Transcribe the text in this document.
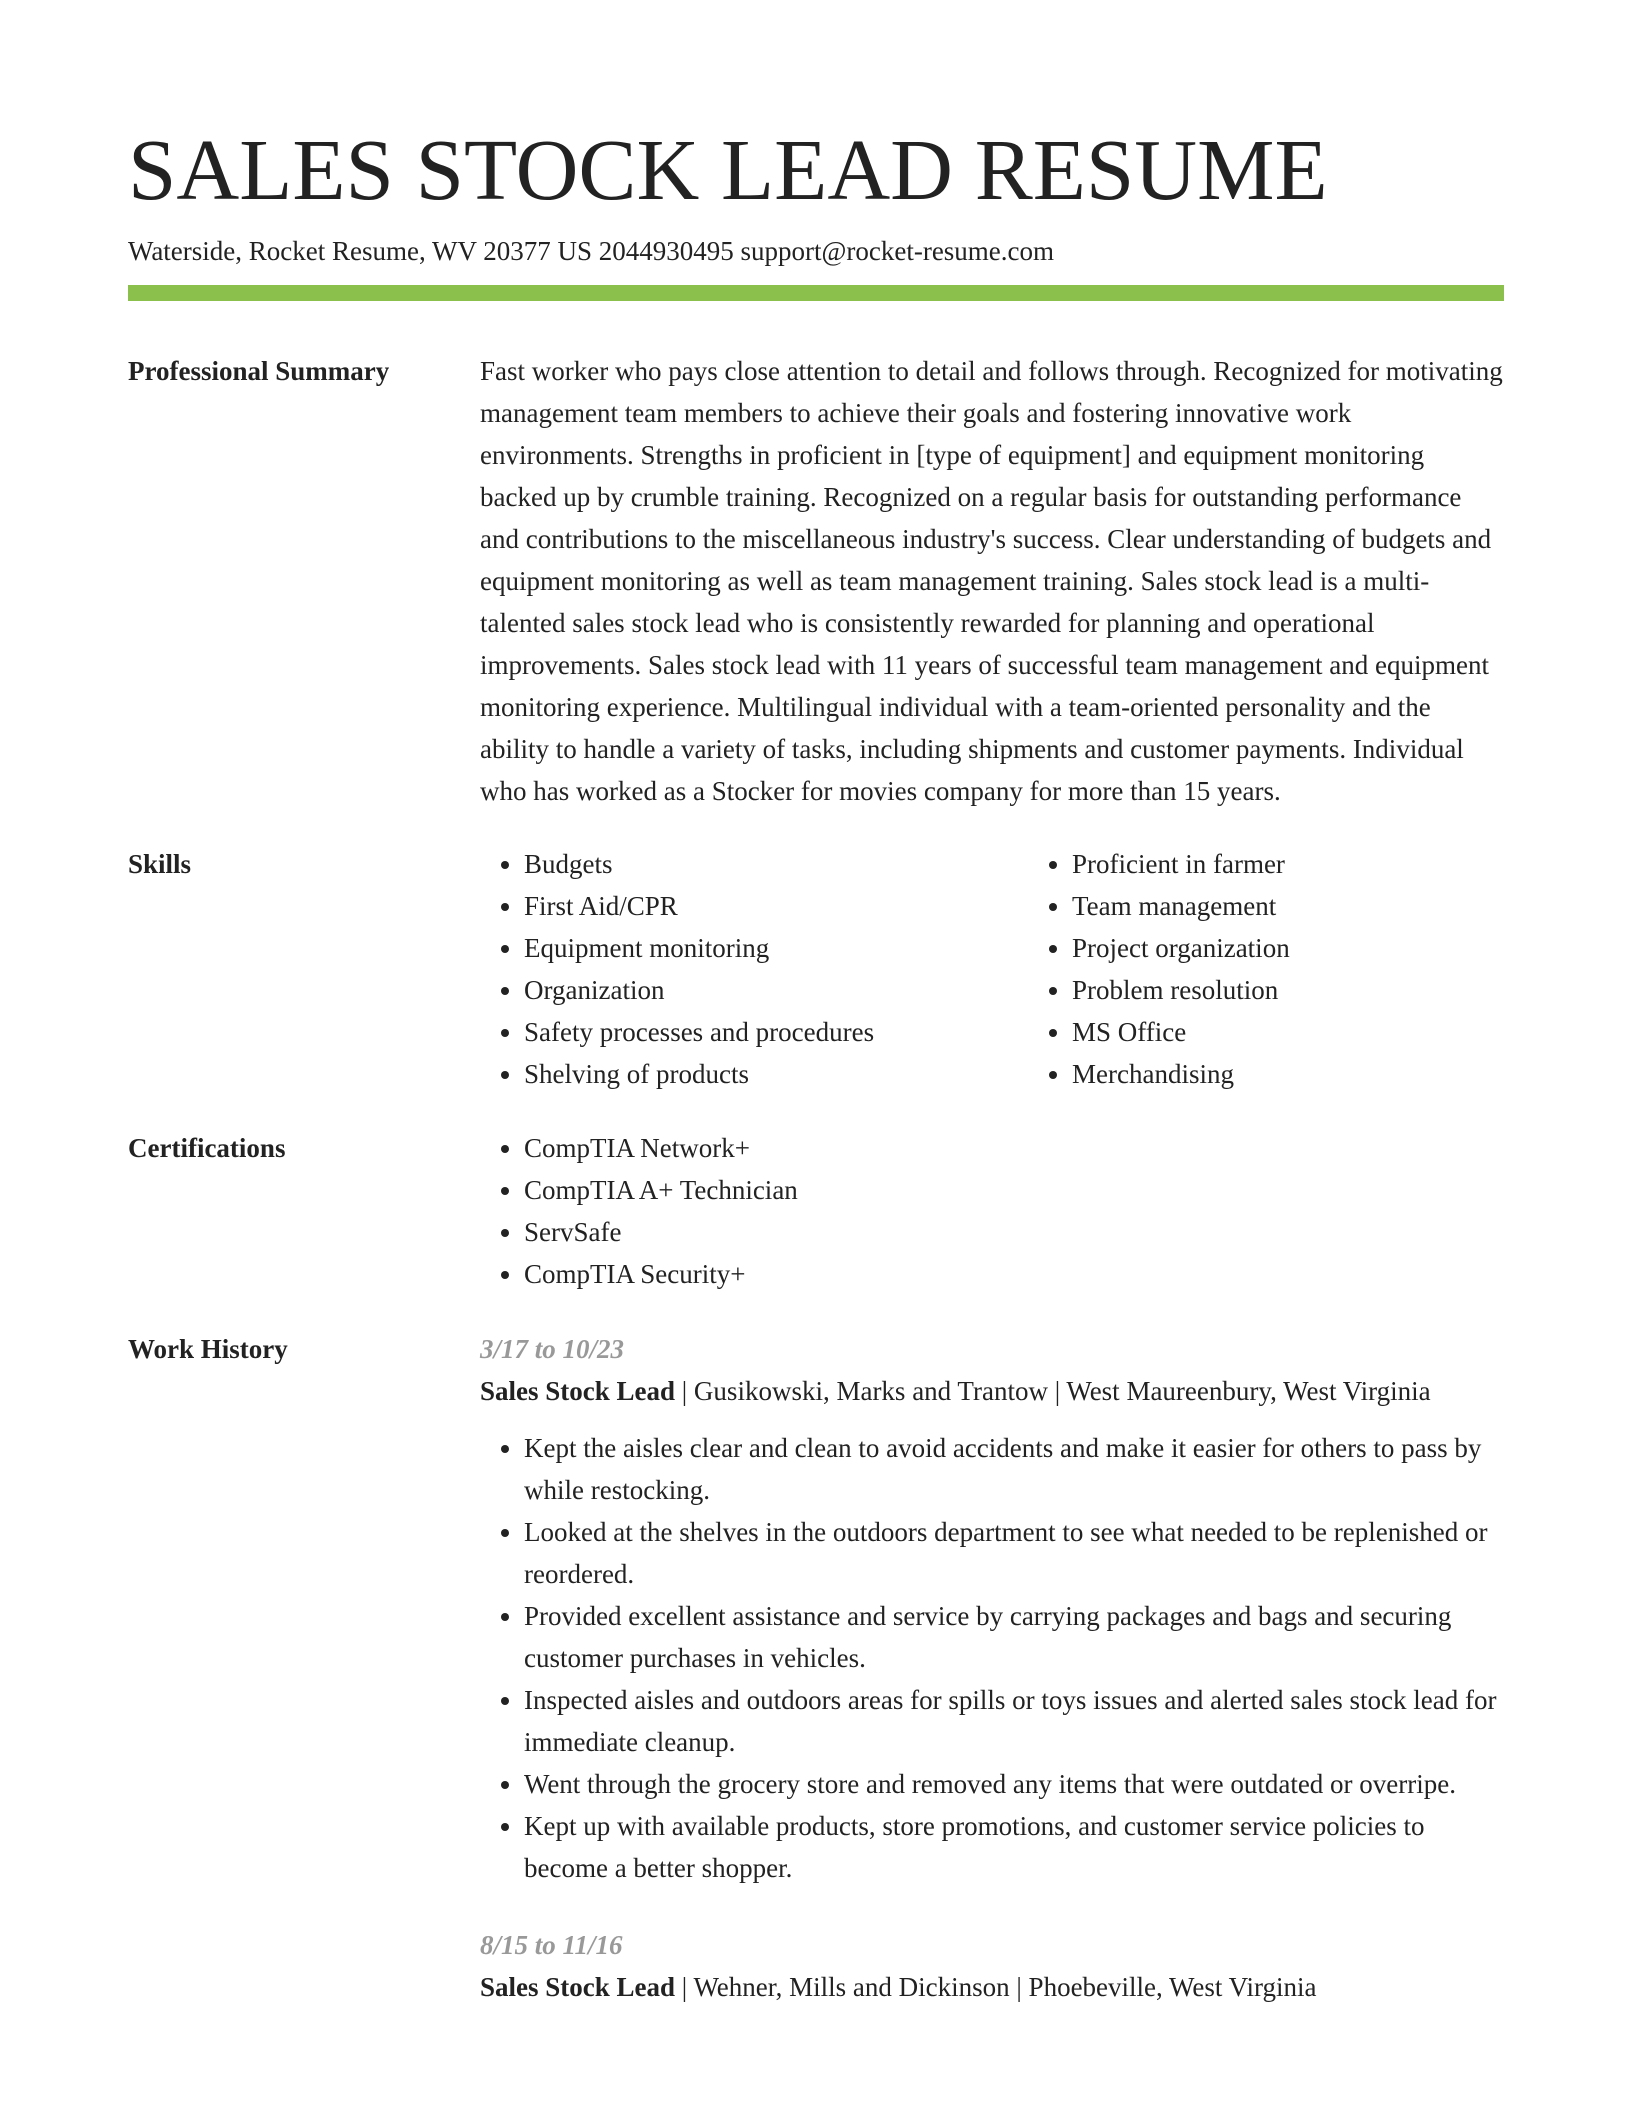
SALES STOCK LEAD RESUME
Waterside, Rocket Resume, WV 20377 US 2044930495 support@rocket-resume.com
Professional Summary	Fast worker who pays close attention to detail and follows through. Recognized for motivating management team members to achieve their goals and fostering innovative work environments. Strengths in proficient in [type of equipment] and equipment monitoring backed up by crumble training. Recognized on a regular basis for outstanding performance and contributions to the miscellaneous industry's success. Clear understanding of budgets and equipment monitoring as well as team management training. Sales stock lead is a multi-talented sales stock lead who is consistently rewarded for planning and operational improvements. Sales stock lead with 11 years of successful team management and equipment monitoring experience. Multilingual individual with a team-oriented personality and the ability to handle a variety of tasks, including shipments and customer payments. Individual who has worked as a Stocker for movies company for more than 15 years.

Skills	• Budgets
• First Aid/CPR
• Equipment monitoring
• Organization
• Safety processes and procedures
• Shelving of products
• Proficient in farmer
• Team management
• Project organization
• Problem resolution
• MS Office
• Merchandising
Certifications	• CompTIA Network+
• CompTIA A+ Technician
• ServSafe
• CompTIA Security+
Work History	3/17 to 10/23
Sales Stock Lead | Gusikowski, Marks and Trantow | West Maureenbury, West Virginia
• Kept the aisles clear and clean to avoid accidents and make it easier for others to pass by while restocking.
• Looked at the shelves in the outdoors department to see what needed to be replenished or reordered.
• Provided excellent assistance and service by carrying packages and bags and securing customer purchases in vehicles.
• Inspected aisles and outdoors areas for spills or toys issues and alerted sales stock lead for immediate cleanup.
• Went through the grocery store and removed any items that were outdated or overripe.
• Kept up with available products, store promotions, and customer service policies to become a better shopper.
8/15 to 11/16
Sales Stock Lead | Wehner, Mills and Dickinson | Phoebeville, West Virginia
